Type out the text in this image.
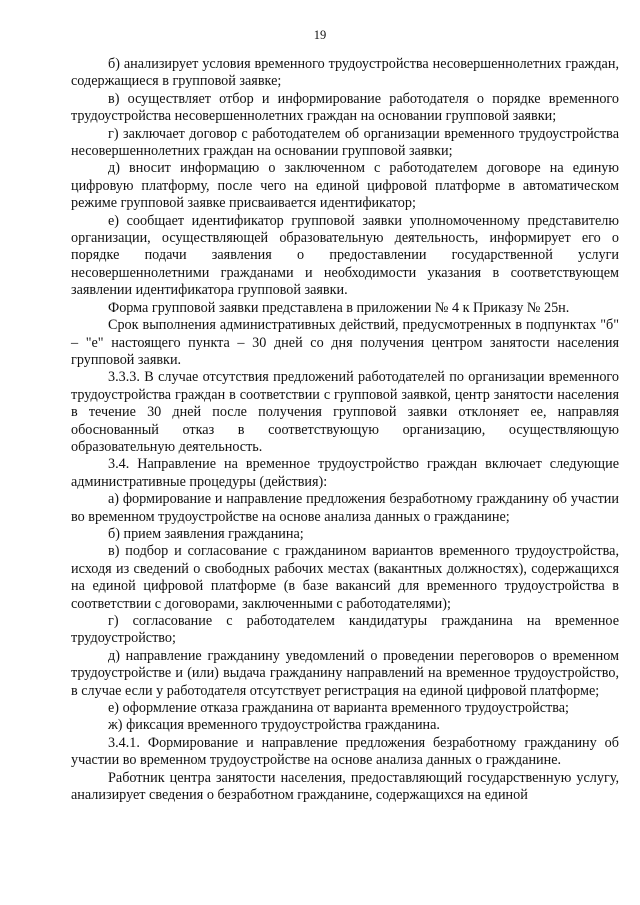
19

б) анализирует условия временного трудоустройства несовершеннолетних граждан, содержащиеся в групповой заявке;

в) осуществляет отбор и информирование работодателя о порядке временного трудоустройства несовершеннолетних граждан на основании групповой заявки;

г) заключает договор с работодателем об организации временного трудоустройства несовершеннолетних граждан на основании групповой заявки;

д) вносит информацию о заключенном с работодателем договоре на единую цифровую платформу, после чего на единой цифровой платформе в автоматическом режиме групповой заявке присваивается идентификатор;

е) сообщает идентификатор групповой заявки уполномоченному представителю организации, осуществляющей образовательную деятельность, информирует его о порядке подачи заявления о предоставлении государственной услуги несовершеннолетними гражданами и необходимости указания в соответствующем заявлении идентификатора групповой заявки.

Форма групповой заявки представлена в приложении № 4 к Приказу № 25н.

Срок выполнения административных действий, предусмотренных в подпунктах "б" – "е" настоящего пункта – 30 дней со дня получения центром занятости населения групповой заявки.

3.3.3. В случае отсутствия предложений работодателей по организации временного трудоустройства граждан в соответствии с групповой заявкой, центр занятости населения в течение 30 дней после получения групповой заявки отклоняет ее, направляя обоснованный отказ в соответствующую организацию, осуществляющую образовательную деятельность.

3.4. Направление на временное трудоустройство граждан включает следующие административные процедуры (действия):

а) формирование и направление предложения безработному гражданину об участии во временном трудоустройстве на основе анализа данных о гражданине;

б) прием заявления гражданина;

в) подбор и согласование с гражданином вариантов временного трудоустройства, исходя из сведений о свободных рабочих местах (вакантных должностях), содержащихся на единой цифровой платформе (в базе вакансий для временного трудоустройства в соответствии с договорами, заключенными с работодателями);

г) согласование с работодателем кандидатуры гражданина на временное трудоустройство;

д) направление гражданину уведомлений о проведении переговоров о временном трудоустройстве и (или) выдача гражданину направлений на временное трудоустройство, в случае если у работодателя отсутствует регистрация на единой цифровой платформе;

е) оформление отказа гражданина от варианта временного трудоустройства;

ж) фиксация временного трудоустройства гражданина.

3.4.1. Формирование и направление предложения безработному гражданину об участии во временном трудоустройстве на основе анализа данных о гражданине.

Работник центра занятости населения, предоставляющий государственную услугу, анализирует сведения о безработном гражданине, содержащихся на единой
